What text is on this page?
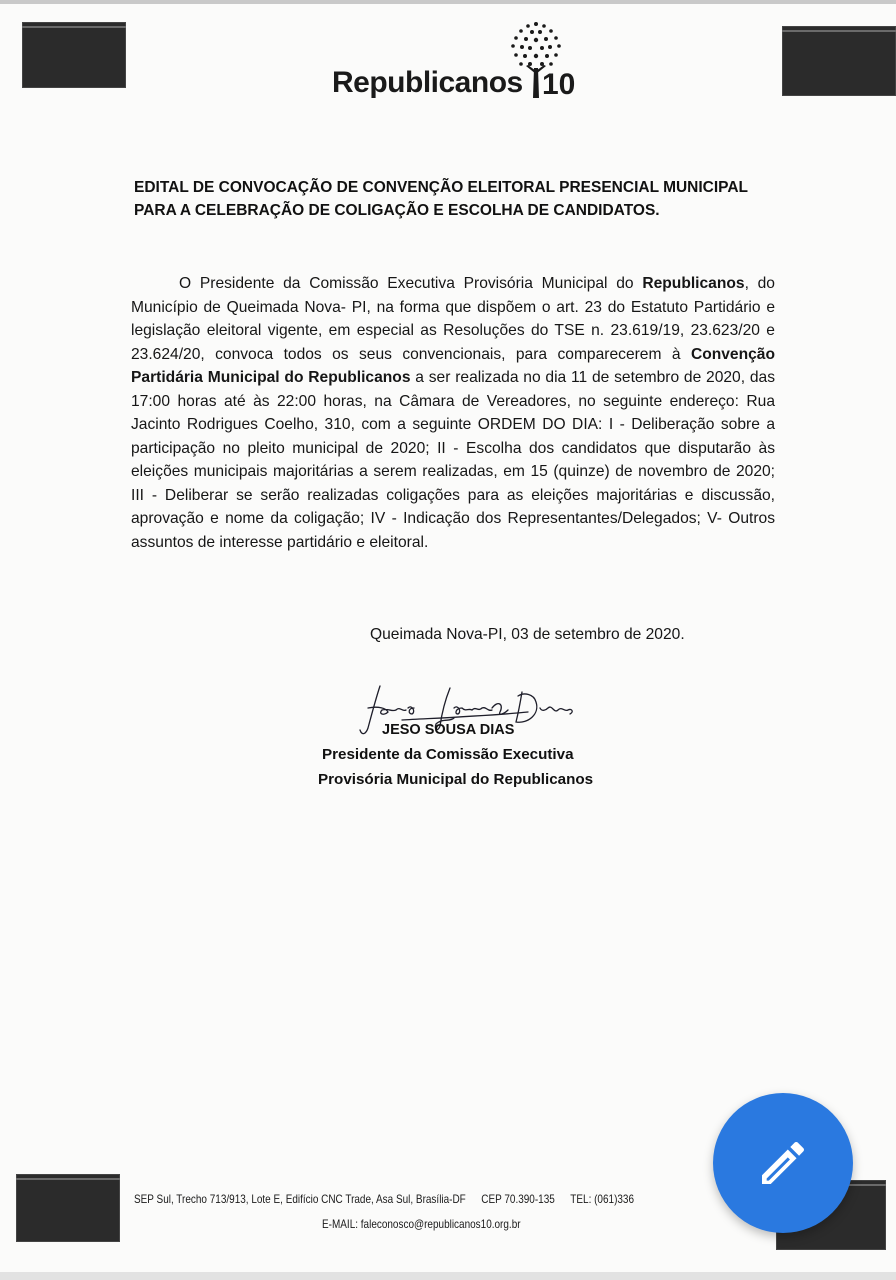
Republicanos 10
EDITAL DE CONVOCAÇÃO DE CONVENÇÃO ELEITORAL PRESENCIAL MUNICIPAL PARA A CELEBRAÇÃO DE COLIGAÇÃO E ESCOLHA DE CANDIDATOS.
O Presidente da Comissão Executiva Provisória Municipal do Republicanos, do Município de Queimada Nova- PI, na forma que dispõem o art. 23 do Estatuto Partidário e legislação eleitoral vigente, em especial as Resoluções do TSE n. 23.619/19, 23.623/20 e 23.624/20, convoca todos os seus convencionais, para comparecerem à Convenção Partidária Municipal do Republicanos a ser realizada no dia 11 de setembro de 2020, das 17:00 horas até às 22:00 horas, na Câmara de Vereadores, no seguinte endereço: Rua Jacinto Rodrigues Coelho, 310, com a seguinte ORDEM DO DIA: I - Deliberação sobre a participação no pleito municipal de 2020; II - Escolha dos candidatos que disputarão às eleições municipais majoritárias a serem realizadas, em 15 (quinze) de novembro de 2020; III - Deliberar se serão realizadas coligações para as eleições majoritárias e discussão, aprovação e nome da coligação; IV - Indicação dos Representantes/Delegados; V- Outros assuntos de interesse partidário e eleitoral.
Queimada Nova-PI, 03 de setembro de 2020.
JESO SOUSA DIAS
Presidente da Comissão Executiva
Provisória Municipal do Republicanos
SEP Sul, Trecho 713/913, Lote E, Edifício CNC Trade, Asa Sul, Brasília-DF CEP 70.390-135 TEL: (061)336
E-MAIL: faleconosco@republicanos10.org.br
